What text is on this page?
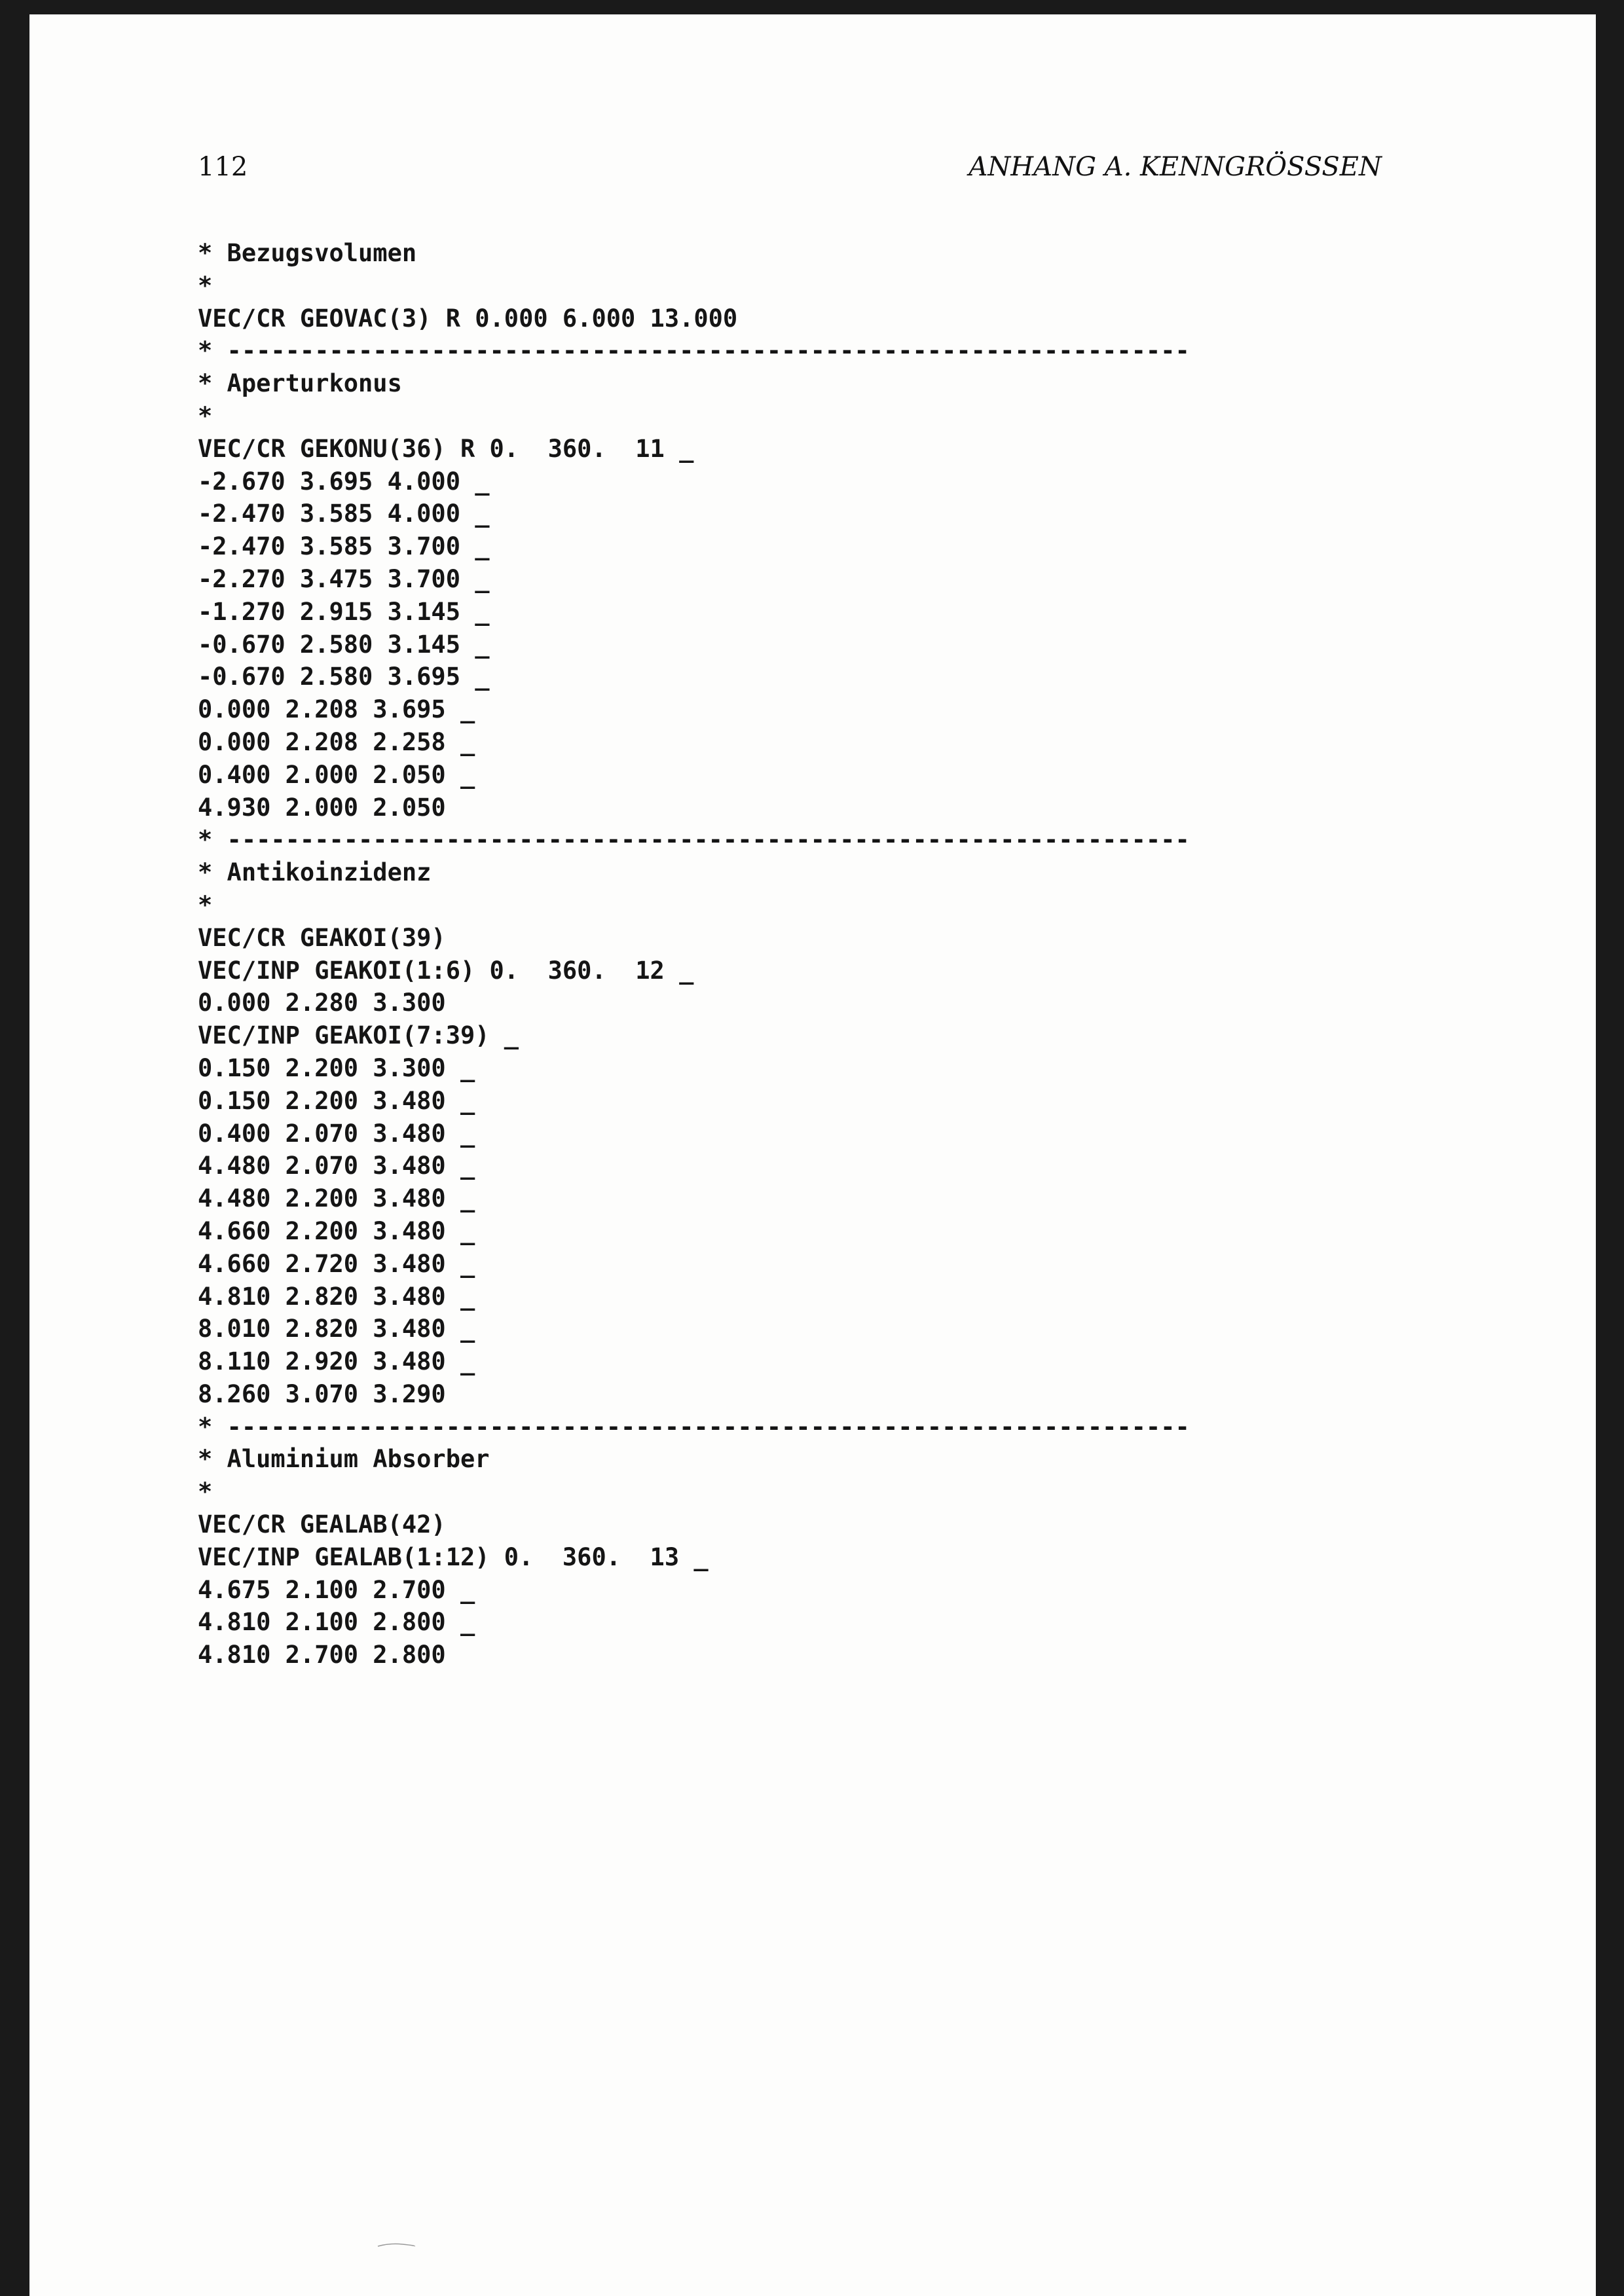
112	ANHANG A. KENNGRÖSSSEN
* Bezugsvolumen
*
VEC/CR GEOVAC(3) R 0.000 6.000 13.000
* ------------------------------------------------------------------
* Aperturkonus
*
VEC/CR GEKONU(36) R 0.  360.  11 _
-2.670 3.695 4.000 _
-2.470 3.585 4.000 _
-2.470 3.585 3.700 _
-2.270 3.475 3.700 _
-1.270 2.915 3.145 _
-0.670 2.580 3.145 _
-0.670 2.580 3.695 _
0.000 2.208 3.695 _
0.000 2.208 2.258 _
0.400 2.000 2.050 _
4.930 2.000 2.050
* ------------------------------------------------------------------
* Antikoinzidenz
*
VEC/CR GEAKOI(39)
VEC/INP GEAKOI(1:6) 0.  360.  12 _
0.000 2.280 3.300
VEC/INP GEAKOI(7:39) _
0.150 2.200 3.300 _
0.150 2.200 3.480 _
0.400 2.070 3.480 _
4.480 2.070 3.480 _
4.480 2.200 3.480 _
4.660 2.200 3.480 _
4.660 2.720 3.480 _
4.810 2.820 3.480 _
8.010 2.820 3.480 _
8.110 2.920 3.480 _
8.260 3.070 3.290
* ------------------------------------------------------------------
* Aluminium Absorber
*
VEC/CR GEALAB(42)
VEC/INP GEALAB(1:12) 0.  360.  13 _
4.675 2.100 2.700 _
4.810 2.100 2.800 _
4.810 2.700 2.800
